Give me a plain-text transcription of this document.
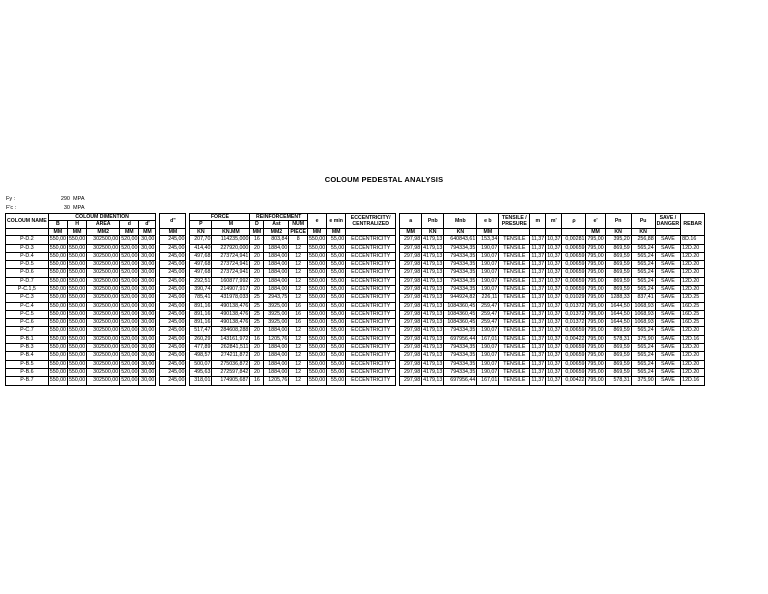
COLOUM PEDESTAL ANALYSIS
Fy :	290 MPA
F'c :	30 MPA
COLOUM NAME	COLOUM DIMENTION						d"		FORCE		REINFORCEMENT			e	e min	ECCENTRICITY/ CENTRALIZED		a	Pnb	Mnb	e b	TENSILE / PRESURE	m	m'	ρ	e'	Pn	Pu	SAVE / DANGER	REBAR
	B	H	AREA	d	d'				P	M	D	Ast	NUM																	
	MM	MM	MM2	MM	MM		MM		KN	KN.MM	MM	MM2	PIECE	MM	MM			MM	KN	KN	MM					MM	KN	KN		
P-D.2	550,00	550,00	302500,00	520,00	30,00		245,00		207,70	114235,000	16	803,84	8	550,00	55,00	ECCENTRICITY		297,98	4179,13	640843,61	153,34	TENSILE	11,37	10,37	0,00281	795,00	395,20	256,88	SAVE	8D.16
P-D.3	550,00	550,00	302500,00	520,00	30,00		245,00		414,40	227920,000	20	1884,00	12	550,00	55,00	ECCENTRICITY		297,98	4179,13	794334,35	190,07	TENSILE	11,37	10,37	0,00659	795,00	869,59	565,24	SAVE	12D.20
P-D.4	550,00	550,00	302500,00	520,00	30,00		245,00		497,68	273724,941	20	1884,00	12	550,00	55,00	ECCENTRICITY		297,98	4179,13	794334,35	190,07	TENSILE	11,37	10,37	0,00659	795,00	869,59	565,24	SAVE	12D.20
P-D.5	550,00	550,00	302500,00	520,00	30,00		245,00		497,68	273724,941	20	1884,00	12	550,00	55,00	ECCENTRICITY		297,98	4179,13	794334,35	190,07	TENSILE	11,37	10,37	0,00659	795,00	869,59	565,24	SAVE	12D.20
P-D.6	550,00	550,00	302500,00	520,00	30,00		245,00		497,68	273724,941	20	1884,00	12	550,00	55,00	ECCENTRICITY		297,98	4179,13	794334,35	190,07	TENSILE	11,37	10,37	0,00659	795,00	869,59	565,24	SAVE	12D.20
P-D.7	550,00	550,00	302500,00	520,00	30,00		245,00		292,51	160877,992	20	1884,00	12	550,00	55,00	ECCENTRICITY		297,98	4179,13	794334,35	190,07	TENSILE	11,37	10,37	0,00659	795,00	869,59	565,24	SAVE	12D.20
P-C.1,5	550,00	550,00	302500,00	520,00	30,00		245,00		390,74	214907,917	20	1884,00	12	550,00	55,00	ECCENTRICITY		297,98	4179,13	794334,35	190,07	TENSILE	11,37	10,37	0,00659	795,00	869,59	565,24	SAVE	12D.20
P-C.3	550,00	550,00	302500,00	520,00	30,00		245,00		785,41	431978,033	25	2943,75	12	550,00	55,00	ECCENTRICITY		297,98	4179,13	944924,82	226,11	TENSILE	11,37	10,37	0,01029	795,00	1288,33	837,41	SAVE	12D.25
P-C.4	550,00	550,00	302500,00	520,00	30,00		245,00		891,16	490138,476	25	3925,00	16	550,00	55,00	ECCENTRICITY		297,98	4179,13	1084360,45	259,47	TENSILE	11,37	10,37	0,01372	795,00	1644,50	1068,93	SAVE	16D.25
P-C.5	550,00	550,00	302500,00	520,00	30,00		245,00		891,16	490138,476	25	3925,00	16	550,00	55,00	ECCENTRICITY		297,98	4179,13	1084360,45	259,47	TENSILE	11,37	10,37	0,01372	795,00	1644,50	1068,93	SAVE	16D.25
P-C.6	550,00	550,00	302500,00	520,00	30,00		245,00		891,16	490138,476	25	3925,00	16	550,00	55,00	ECCENTRICITY		297,98	4179,13	1084360,45	259,47	TENSILE	11,37	10,37	0,01372	795,00	1644,50	1068,93	SAVE	16D.25
P-C.7	550,00	550,00	302500,00	520,00	30,00		245,00		517,47	284608,288	20	1884,00	12	550,00	55,00	ECCENTRICITY		297,98	4179,13	794334,35	190,07	TENSILE	11,37	10,37	0,00659	795,00	869,59	565,24	SAVE	12D.20
P-B.1	550,00	550,00	302500,00	520,00	30,00		245,00		260,29	143161,972	16	1205,76	12	550,00	55,00	ECCENTRICITY		297,98	4179,13	697956,44	167,01	TENSILE	11,37	10,37	0,00422	795,00	578,31	375,90	SAVE	12D.16
P-B.3	550,00	550,00	302500,00	520,00	30,00		245,00		477,89	262841,511	20	1884,00	12	550,00	55,00	ECCENTRICITY		297,98	4179,13	794334,35	190,07	TENSILE	11,37	10,37	0,00659	795,00	869,59	565,24	SAVE	12D.20
P-B.4	550,00	550,00	302500,00	520,00	30,00		245,00		498,57	274211,872	20	1884,00	12	550,00	55,00	ECCENTRICITY		297,98	4179,13	794334,35	190,07	TENSILE	11,37	10,37	0,00659	795,00	869,59	565,24	SAVE	12D.20
P-B.5	550,00	550,00	302500,00	520,00	30,00		245,00		500,07	275036,872	20	1884,00	12	550,00	55,00	ECCENTRICITY		297,98	4179,13	794334,35	190,07	TENSILE	11,37	10,37	0,00659	795,00	869,59	565,24	SAVE	12D.20
P-B.6	550,00	550,00	302500,00	520,00	30,00		245,00		495,63	272597,842	20	1884,00	12	550,00	55,00	ECCENTRICITY		297,98	4179,13	794334,35	190,07	TENSILE	11,37	10,37	0,00659	795,00	869,59	565,24	SAVE	12D.20
P-B.7	550,00	550,00	302500,00	520,00	30,00		245,00		318,01	174905,687	16	1205,76	12	550,00	55,00	ECCENTRICITY		297,98	4179,13	697956,44	167,01	TENSILE	11,37	10,37	0,00422	795,00	578,31	375,90	SAVE	12D.16
